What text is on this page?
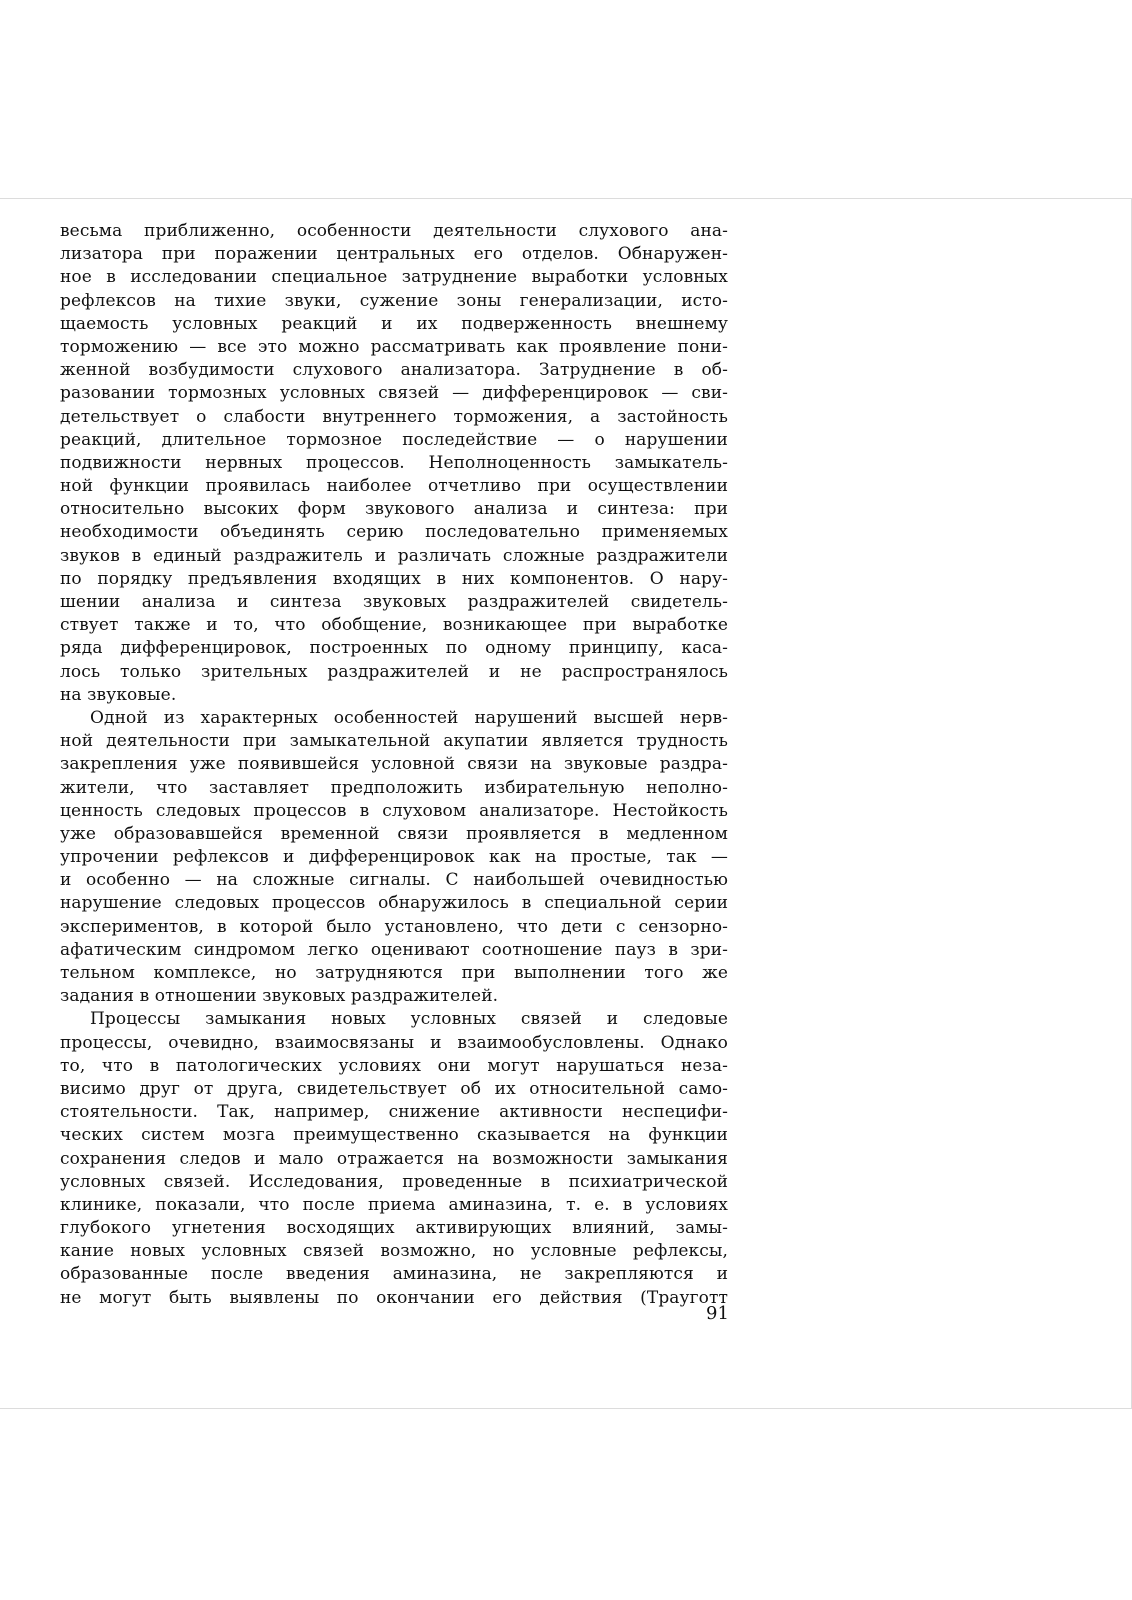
весьма приближенно, особенности деятельности слухового ана-
лизатора при поражении центральных его отделов. Обнаружен-
ное в исследовании специальное затруднение выработки условных
рефлексов на тихие звуки, сужение зоны генерализации, исто-
щаемость условных реакций и их подверженность внешнему
торможению — все это можно рассматривать как проявление пони-
женной возбудимости слухового анализатора. Затруднение в об-
разовании тормозных условных связей — дифференцировок — сви-
детельствует о слабости внутреннего торможения, а застойность
реакций, длительное тормозное последействие — о нарушении
подвижности нервных процессов. Неполноценность замыкатель-
ной функции проявилась наиболее отчетливо при осуществлении
относительно высоких форм звукового анализа и синтеза: при
необходимости объединять серию последовательно применяемых
звуков в единый раздражитель и различать сложные раздражители
по порядку предъявления входящих в них компонентов. О нару-
шении анализа и синтеза звуковых раздражителей свидетель-
ствует также и то, что обобщение, возникающее при выработке
ряда дифференцировок, построенных по одному принципу, каса-
лось только зрительных раздражителей и не распространялось
на звуковые.
Одной из характерных особенностей нарушений высшей нерв-
ной деятельности при замыкательной акупатии является трудность
закрепления уже появившейся условной связи на звуковые раздра-
жители, что заставляет предположить избирательную неполно-
ценность следовых процессов в слуховом анализаторе. Нестойкость
уже образовавшейся временной связи проявляется в медленном
упрочении рефлексов и дифференцировок как на простые, так —
и особенно — на сложные сигналы. С наибольшей очевидностью
нарушение следовых процессов обнаружилось в специальной серии
экспериментов, в которой было установлено, что дети с сензорно-
афатическим синдромом легко оценивают соотношение пауз в зри-
тельном комплексе, но затрудняются при выполнении того же
задания в отношении звуковых раздражителей.
Процессы замыкания новых условных связей и следовые
процессы, очевидно, взаимосвязаны и взаимообусловлены. Однако
то, что в патологических условиях они могут нарушаться неза-
висимо друг от друга, свидетельствует об их относительной само-
стоятельности. Так, например, снижение активности неспецифи-
ческих систем мозга преимущественно сказывается на функции
сохранения следов и мало отражается на возможности замыкания
условных связей. Исследования, проведенные в психиатрической
клинике, показали, что после приема аминазина, т. е. в условиях
глубокого угнетения восходящих активирующих влияний, замы-
кание новых условных связей возможно, но условные рефлексы,
образованные после введения аминазина, не закрепляются и
не могут быть выявлены по окончании его действия (Трауготт
91
